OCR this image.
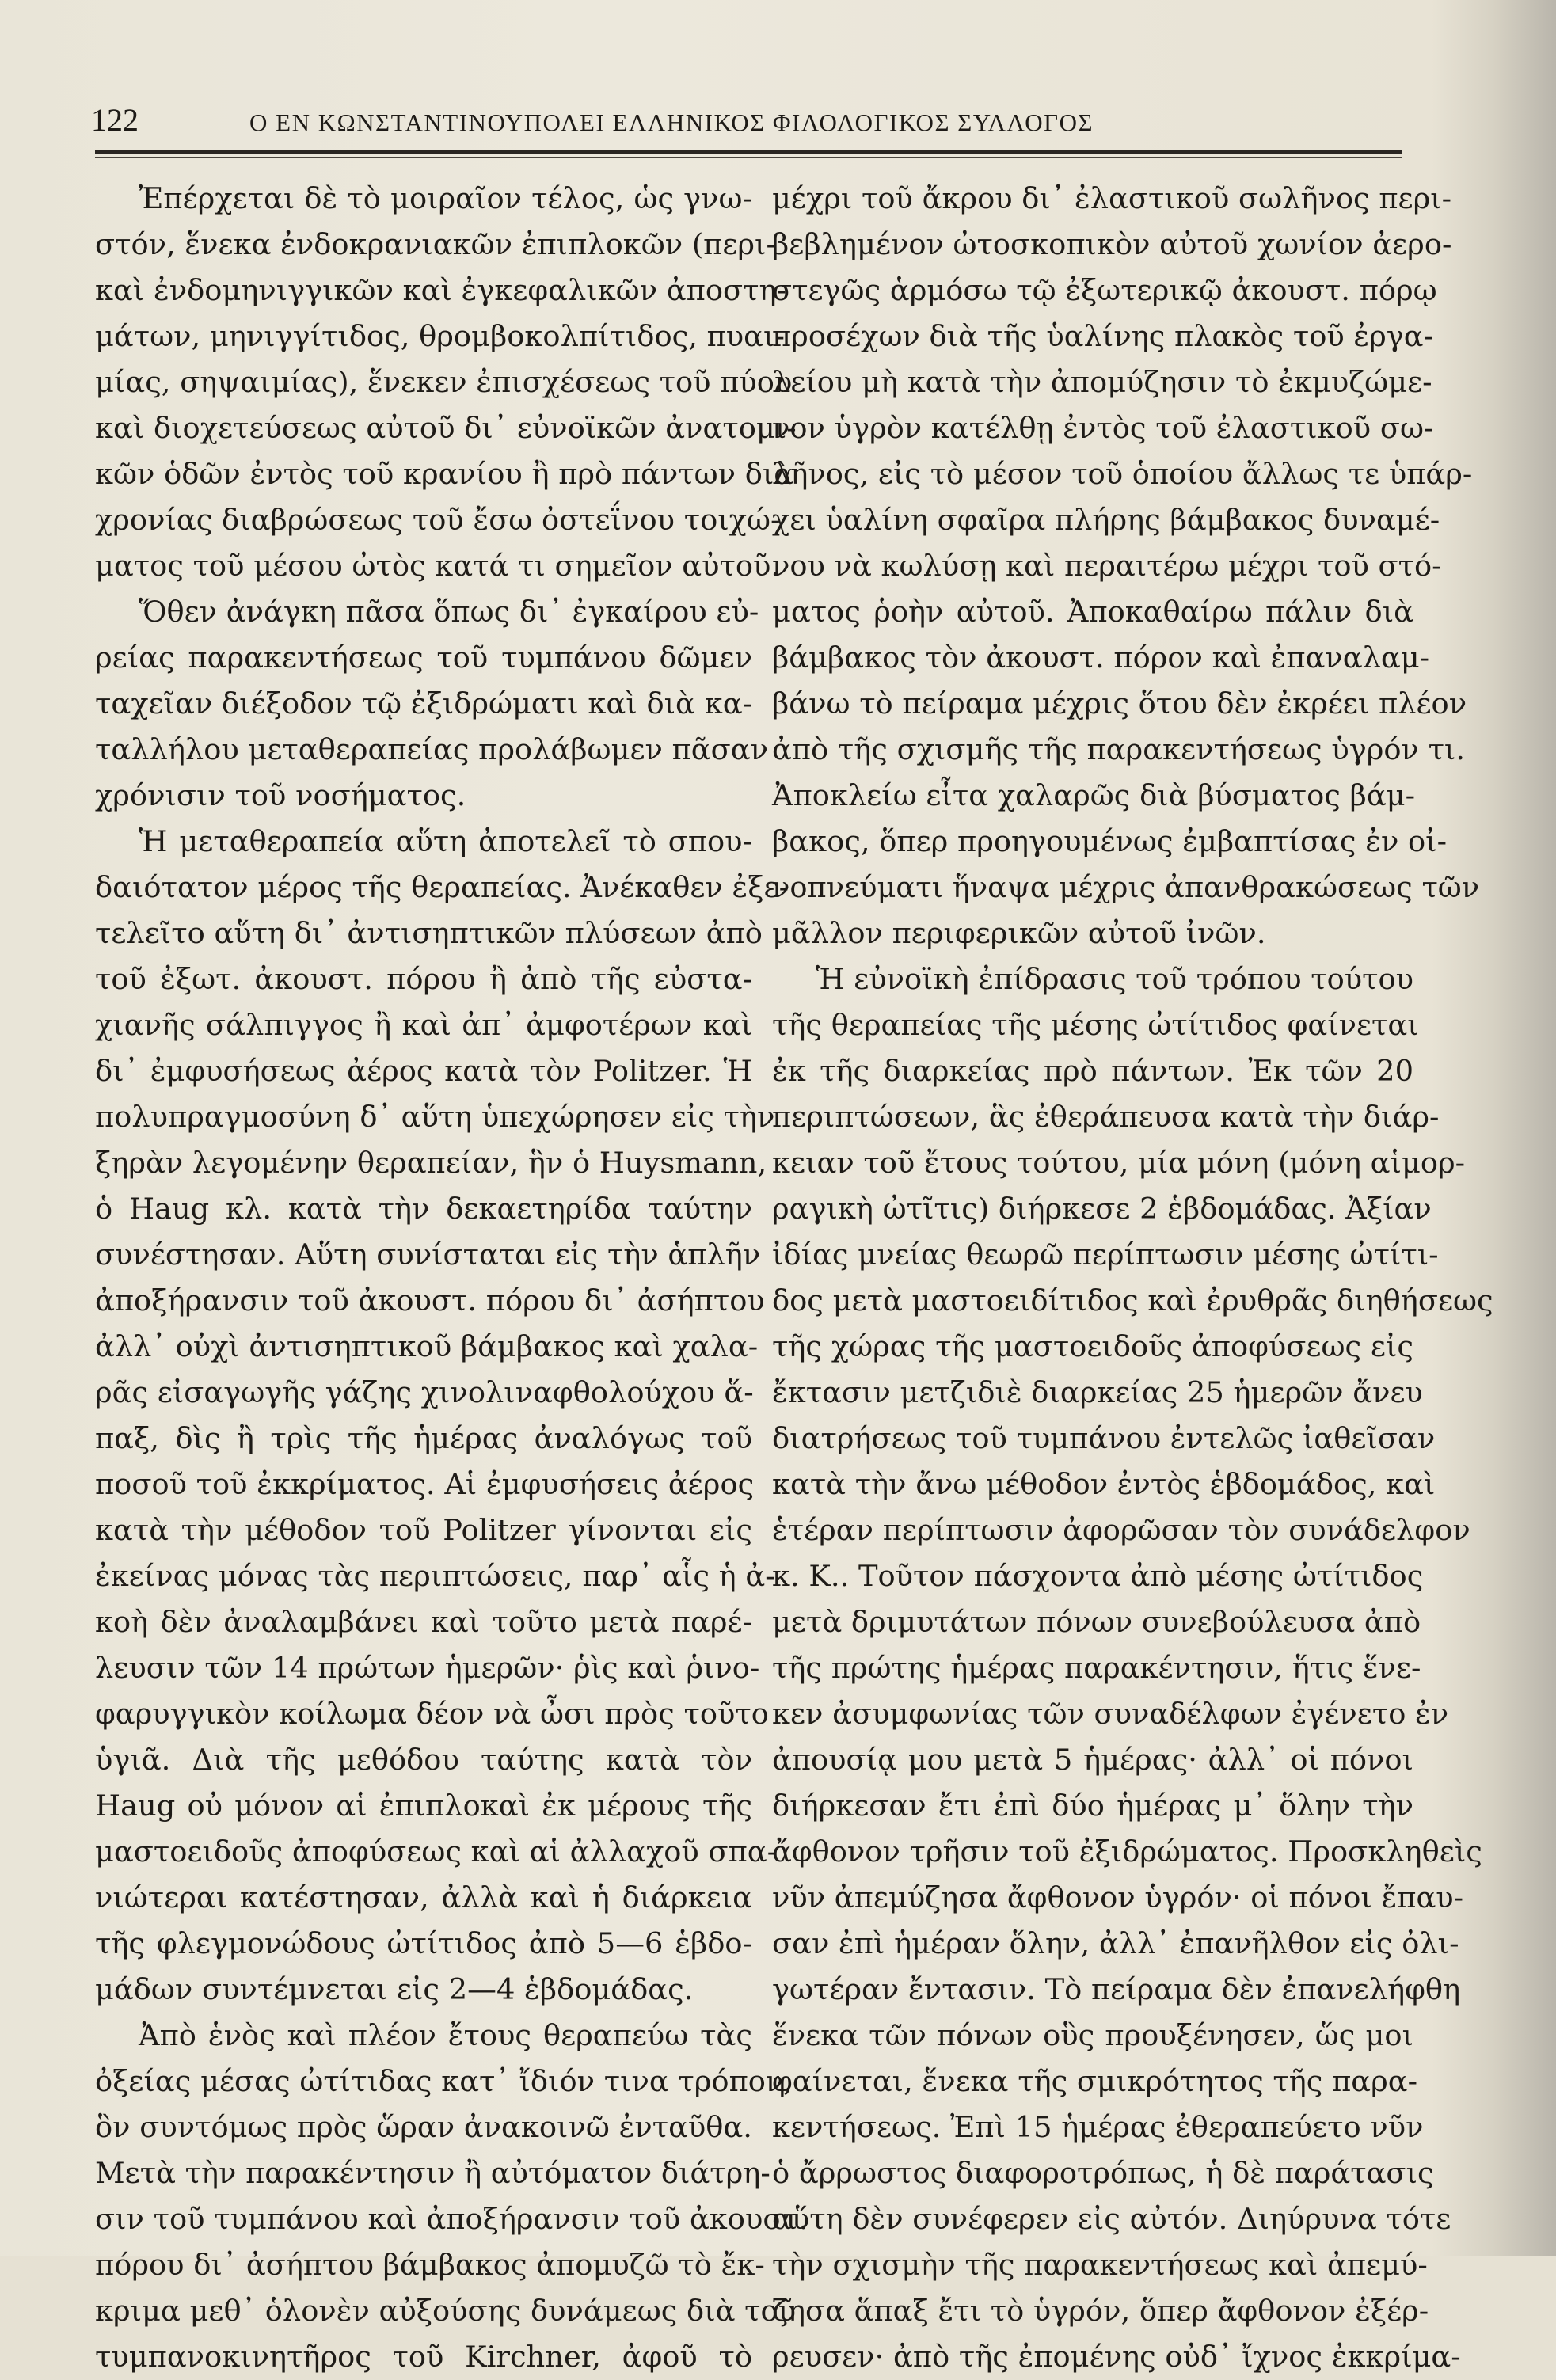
122	Ο ΕΝ ΚΩΝΣΤΑΝΤΙΝΟΥΠΟΛΕΙ ΕΛΛΗΝΙΚΟΣ ΦΙΛΟΛΟΓΙΚΟΣ ΣΥΛΛΟΓΟΣ
Ἐπέρχεται δὲ τὸ μοιραῖον τέλος, ὡς γνω-
στόν, ἕνεκα ἐνδοκρανιακῶν ἐπιπλοκῶν (περι-
καὶ ἐνδομηνιγγικῶν καὶ ἐγκεφαλικῶν ἀποστη-
μάτων, μηνιγγίτιδος, θρομβοκολπίτιδος, πυαι-
μίας, σηψαιμίας), ἕνεκεν ἐπισχέσεως τοῦ πύου
καὶ διοχετεύσεως αὐτοῦ δι᾽ εὐνοϊκῶν ἀνατομι-
κῶν ὁδῶν ἐντὸς τοῦ κρανίου ἢ πρὸ πάντων διὰ
χρονίας διαβρώσεως τοῦ ἔσω ὀστεΐνου τοιχώ-
ματος τοῦ μέσου ὠτὸς κατά τι σημεῖον αὐτοῦ.
Ὅθεν ἀνάγκη πᾶσα ὅπως δι᾽ ἐγκαίρου εὐ-
ρείας παρακεντήσεως τοῦ τυμπάνου δῶμεν
ταχεῖαν διέξοδον τῷ ἐξιδρώματι καὶ διὰ κα-
ταλλήλου μεταθεραπείας προλάβωμεν πᾶσαν
χρόνισιν τοῦ νοσήματος.
Ἡ μεταθεραπεία αὕτη ἀποτελεῖ τὸ σπου-
δαιότατον μέρος τῆς θεραπείας. Ἀνέκαθεν ἐξε-
τελεῖτο αὕτη δι᾽ ἀντισηπτικῶν πλύσεων ἀπὸ
τοῦ ἐξωτ. ἀκουστ. πόρου ἢ ἀπὸ τῆς εὐστα-
χιανῆς σάλπιγγος ἢ καὶ ἀπ᾽ ἀμφοτέρων καὶ
δι᾽ ἐμφυσήσεως ἀέρος κατὰ τὸν Politzer. Ἡ
πολυπραγμοσύνη δ᾽ αὕτη ὑπεχώρησεν εἰς τὴν
ξηρὰν λεγομένην θεραπείαν, ἣν ὁ Huysmann,
ὁ Haug κλ. κατὰ τὴν δεκαετηρίδα ταύτην
συνέστησαν. Αὕτη συνίσταται εἰς τὴν ἁπλῆν
ἀποξήρανσιν τοῦ ἀκουστ. πόρου δι᾽ ἀσήπτου
ἀλλ᾽ οὐχὶ ἀντισηπτικοῦ βάμβακος καὶ χαλα-
ρᾶς εἰσαγωγῆς γάζης χινολιναφθολούχου ἅ-
παξ, δὶς ἢ τρὶς τῆς ἡμέρας ἀναλόγως τοῦ
ποσοῦ τοῦ ἐκκρίματος. Αἱ ἐμφυσήσεις ἀέρος
κατὰ τὴν μέθοδον τοῦ Politzer γίνονται εἰς
ἐκείνας μόνας τὰς περιπτώσεις, παρ᾽ αἷς ἡ ἀ-
κοὴ δὲν ἀναλαμβάνει καὶ τοῦτο μετὰ παρέ-
λευσιν τῶν 14 πρώτων ἡμερῶν· ῥὶς καὶ ῥινο-
φαρυγγικὸν κοίλωμα δέον νὰ ὦσι πρὸς τοῦτο
ὑγιᾶ. Διὰ τῆς μεθόδου ταύτης κατὰ τὸν
Haug οὐ μόνον αἱ ἐπιπλοκαὶ ἐκ μέρους τῆς
μαστοειδοῦς ἀποφύσεως καὶ αἱ ἀλλαχοῦ σπα-
νιώτεραι κατέστησαν, ἀλλὰ καὶ ἡ διάρκεια
τῆς φλεγμονώδους ὠτίτιδος ἀπὸ 5—6 ἑβδο-
μάδων συντέμνεται εἰς 2—4 ἑβδομάδας.
Ἀπὸ ἑνὸς καὶ πλέον ἔτους θεραπεύω τὰς
ὀξείας μέσας ὠτίτιδας κατ᾽ ἴδιόν τινα τρόπον,
ὃν συντόμως πρὸς ὥραν ἀνακοινῶ ἐνταῦθα.
Μετὰ τὴν παρακέντησιν ἢ αὐτόματον διάτρη-
σιν τοῦ τυμπάνου καὶ ἀποξήρανσιν τοῦ ἀκουστ.
πόρου δι᾽ ἀσήπτου βάμβακος ἀπομυζῶ τὸ ἔκ-
κριμα μεθ᾽ ὁλονὲν αὐξούσης δυνάμεως διὰ τοῦ
τυμπανοκινητῆρος τοῦ Kirchner, ἀφοῦ τὸ
μέχρι τοῦ ἄκρου δι᾽ ἐλαστικοῦ σωλῆνος περι-
βεβλημένον ὠτοσκοπικὸν αὐτοῦ χωνίον ἀερο-
στεγῶς ἁρμόσω τῷ ἐξωτερικῷ ἀκουστ. πόρῳ
προσέχων διὰ τῆς ὑαλίνης πλακὸς τοῦ ἐργα-
λείου μὴ κατὰ τὴν ἀπομύζησιν τὸ ἐκμυζώμε-
νον ὑγρὸν κατέλθῃ ἐντὸς τοῦ ἐλαστικοῦ σω-
λῆνος, εἰς τὸ μέσον τοῦ ὁποίου ἄλλως τε ὑπάρ-
χει ὑαλίνη σφαῖρα πλήρης βάμβακος δυναμέ-
νου νὰ κωλύσῃ καὶ περαιτέρω μέχρι τοῦ στό-
ματος ῥοὴν αὐτοῦ. Ἀποκαθαίρω πάλιν διὰ
βάμβακος τὸν ἀκουστ. πόρον καὶ ἐπαναλαμ-
βάνω τὸ πείραμα μέχρις ὅτου δὲν ἐκρέει πλέον
ἀπὸ τῆς σχισμῆς τῆς παρακεντήσεως ὑγρόν τι.
Ἀποκλείω εἶτα χαλαρῶς διὰ βύσματος βάμ-
βακος, ὅπερ προηγουμένως ἐμβαπτίσας ἐν οἰ-
νοπνεύματι ἥναψα μέχρις ἀπανθρακώσεως τῶν
μᾶλλον περιφερικῶν αὐτοῦ ἰνῶν.
Ἡ εὐνοϊκὴ ἐπίδρασις τοῦ τρόπου τούτου
τῆς θεραπείας τῆς μέσης ὠτίτιδος φαίνεται
ἐκ τῆς διαρκείας πρὸ πάντων. Ἐκ τῶν 20
περιπτώσεων, ἃς ἐθεράπευσα κατὰ τὴν διάρ-
κειαν τοῦ ἔτους τούτου, μία μόνη (μόνη αἱμορ-
ραγικὴ ὠτῖτις) διήρκεσε 2 ἑβδομάδας. Ἀξίαν
ἰδίας μνείας θεωρῶ περίπτωσιν μέσης ὠτίτι-
δος μετὰ μαστοειδίτιδος καὶ ἐρυθρᾶς διηθήσεως
τῆς χώρας τῆς μαστοειδοῦς ἀποφύσεως εἰς
ἔκτασιν μετζιδιὲ διαρκείας 25 ἡμερῶν ἄνευ
διατρήσεως τοῦ τυμπάνου ἐντελῶς ἰαθεῖσαν
κατὰ τὴν ἄνω μέθοδον ἐντὸς ἑβδομάδος, καὶ
ἑτέραν περίπτωσιν ἀφορῶσαν τὸν συνάδελφον
κ. Κ.. Τοῦτον πάσχοντα ἀπὸ μέσης ὠτίτιδος
μετὰ δριμυτάτων πόνων συνεβούλευσα ἀπὸ
τῆς πρώτης ἡμέρας παρακέντησιν, ἥτις ἕνε-
κεν ἀσυμφωνίας τῶν συναδέλφων ἐγένετο ἐν
ἀπουσίᾳ μου μετὰ 5 ἡμέρας· ἀλλ᾽ οἱ πόνοι
διήρκεσαν ἔτι ἐπὶ δύο ἡμέρας μ᾽ ὅλην τὴν
ἄφθονον τρῆσιν τοῦ ἐξιδρώματος. Προσκληθεὶς
νῦν ἀπεμύζησα ἄφθονον ὑγρόν· οἱ πόνοι ἔπαυ-
σαν ἐπὶ ἡμέραν ὅλην, ἀλλ᾽ ἐπανῆλθον εἰς ὀλι-
γωτέραν ἔντασιν. Τὸ πείραμα δὲν ἐπανελήφθη
ἕνεκα τῶν πόνων οὓς προυξένησεν, ὥς μοι
φαίνεται, ἕνεκα τῆς σμικρότητος τῆς παρα-
κεντήσεως. Ἐπὶ 15 ἡμέρας ἐθεραπεύετο νῦν
ὁ ἄρρωστος διαφοροτρόπως, ἡ δὲ παράτασις
αὕτη δὲν συνέφερεν εἰς αὐτόν. Διηύρυνα τότε
τὴν σχισμὴν τῆς παρακεντήσεως καὶ ἀπεμύ-
ζησα ἅπαξ ἔτι τὸ ὑγρόν, ὅπερ ἄφθονον ἐξέρ-
ρευσεν· ἀπὸ τῆς ἐπομένης οὐδ᾽ ἴχνος ἐκκρίμα-
